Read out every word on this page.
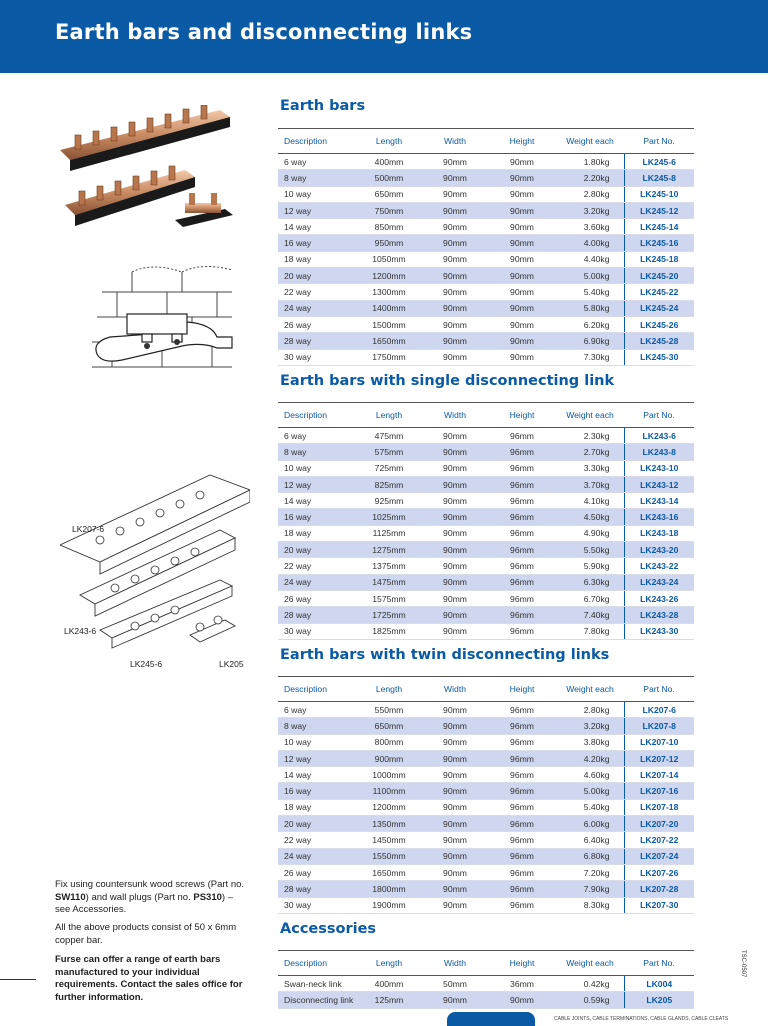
Earth bars and disconnecting links
Earth bars
Earth bars with single disconnecting link
Earth bars with twin disconnecting links
Accessories
Description	Length	Width	Height	Weight each	Part No.
6 way	400mm	90mm	90mm	1.80kg	LK245-6
8 way	500mm	90mm	90mm	2.20kg	LK245-8
10 way	650mm	90mm	90mm	2.80kg	LK245-10
12 way	750mm	90mm	90mm	3.20kg	LK245-12
14 way	850mm	90mm	90mm	3.60kg	LK245-14
16 way	950mm	90mm	90mm	4.00kg	LK245-16
18 way	1050mm	90mm	90mm	4.40kg	LK245-18
20 way	1200mm	90mm	90mm	5.00kg	LK245-20
22 way	1300mm	90mm	90mm	5.40kg	LK245-22
24 way	1400mm	90mm	90mm	5.80kg	LK245-24
26 way	1500mm	90mm	90mm	6.20kg	LK245-26
28 way	1650mm	90mm	90mm	6.90kg	LK245-28
30 way	1750mm	90mm	90mm	7.30kg	LK245-30
Description	Length	Width	Height	Weight each	Part No.
6 way	475mm	90mm	96mm	2.30kg	LK243-6
8 way	575mm	90mm	96mm	2.70kg	LK243-8
10 way	725mm	90mm	96mm	3.30kg	LK243-10
12 way	825mm	90mm	96mm	3.70kg	LK243-12
14 way	925mm	90mm	96mm	4.10kg	LK243-14
16 way	1025mm	90mm	96mm	4.50kg	LK243-16
18 way	1125mm	90mm	96mm	4.90kg	LK243-18
20 way	1275mm	90mm	96mm	5.50kg	LK243-20
22 way	1375mm	90mm	96mm	5.90kg	LK243-22
24 way	1475mm	90mm	96mm	6.30kg	LK243-24
26 way	1575mm	90mm	96mm	6.70kg	LK243-26
28 way	1725mm	90mm	96mm	7.40kg	LK243-28
30 way	1825mm	90mm	96mm	7.80kg	LK243-30
Description	Length	Width	Height	Weight each	Part No.
6 way	550mm	90mm	96mm	2.80kg	LK207-6
8 way	650mm	90mm	96mm	3.20kg	LK207-8
10 way	800mm	90mm	96mm	3.80kg	LK207-10
12 way	900mm	90mm	96mm	4.20kg	LK207-12
14 way	1000mm	90mm	96mm	4.60kg	LK207-14
16 way	1100mm	90mm	96mm	5.00kg	LK207-16
18 way	1200mm	90mm	96mm	5.40kg	LK207-18
20 way	1350mm	90mm	96mm	6.00kg	LK207-20
22 way	1450mm	90mm	96mm	6.40kg	LK207-22
24 way	1550mm	90mm	96mm	6.80kg	LK207-24
26 way	1650mm	90mm	96mm	7.20kg	LK207-26
28 way	1800mm	90mm	96mm	7.90kg	LK207-28
30 way	1900mm	90mm	96mm	8.30kg	LK207-30
Description	Length	Width	Height	Weight each	Part No.
Swan-neck link	400mm	50mm	36mm	0.42kg	LK004
Disconnecting link	125mm	90mm	90mm	0.59kg	LK205
LK207-6
LK243-6
LK245-6	LK205

Fix using countersunk wood screws (Part no. SW110) and wall plugs (Part no. PS310) – see Accessories.

All the above products consist of 50 x 6mm copper bar.

Furse can offer a range of earth bars manufactured to your individual requirements. Contact the sales office for further information.

TSC-0507
CABLE JOINTS, CABLE TERMINATIONS, CABLE GLANDS, CABLE CLEATS
